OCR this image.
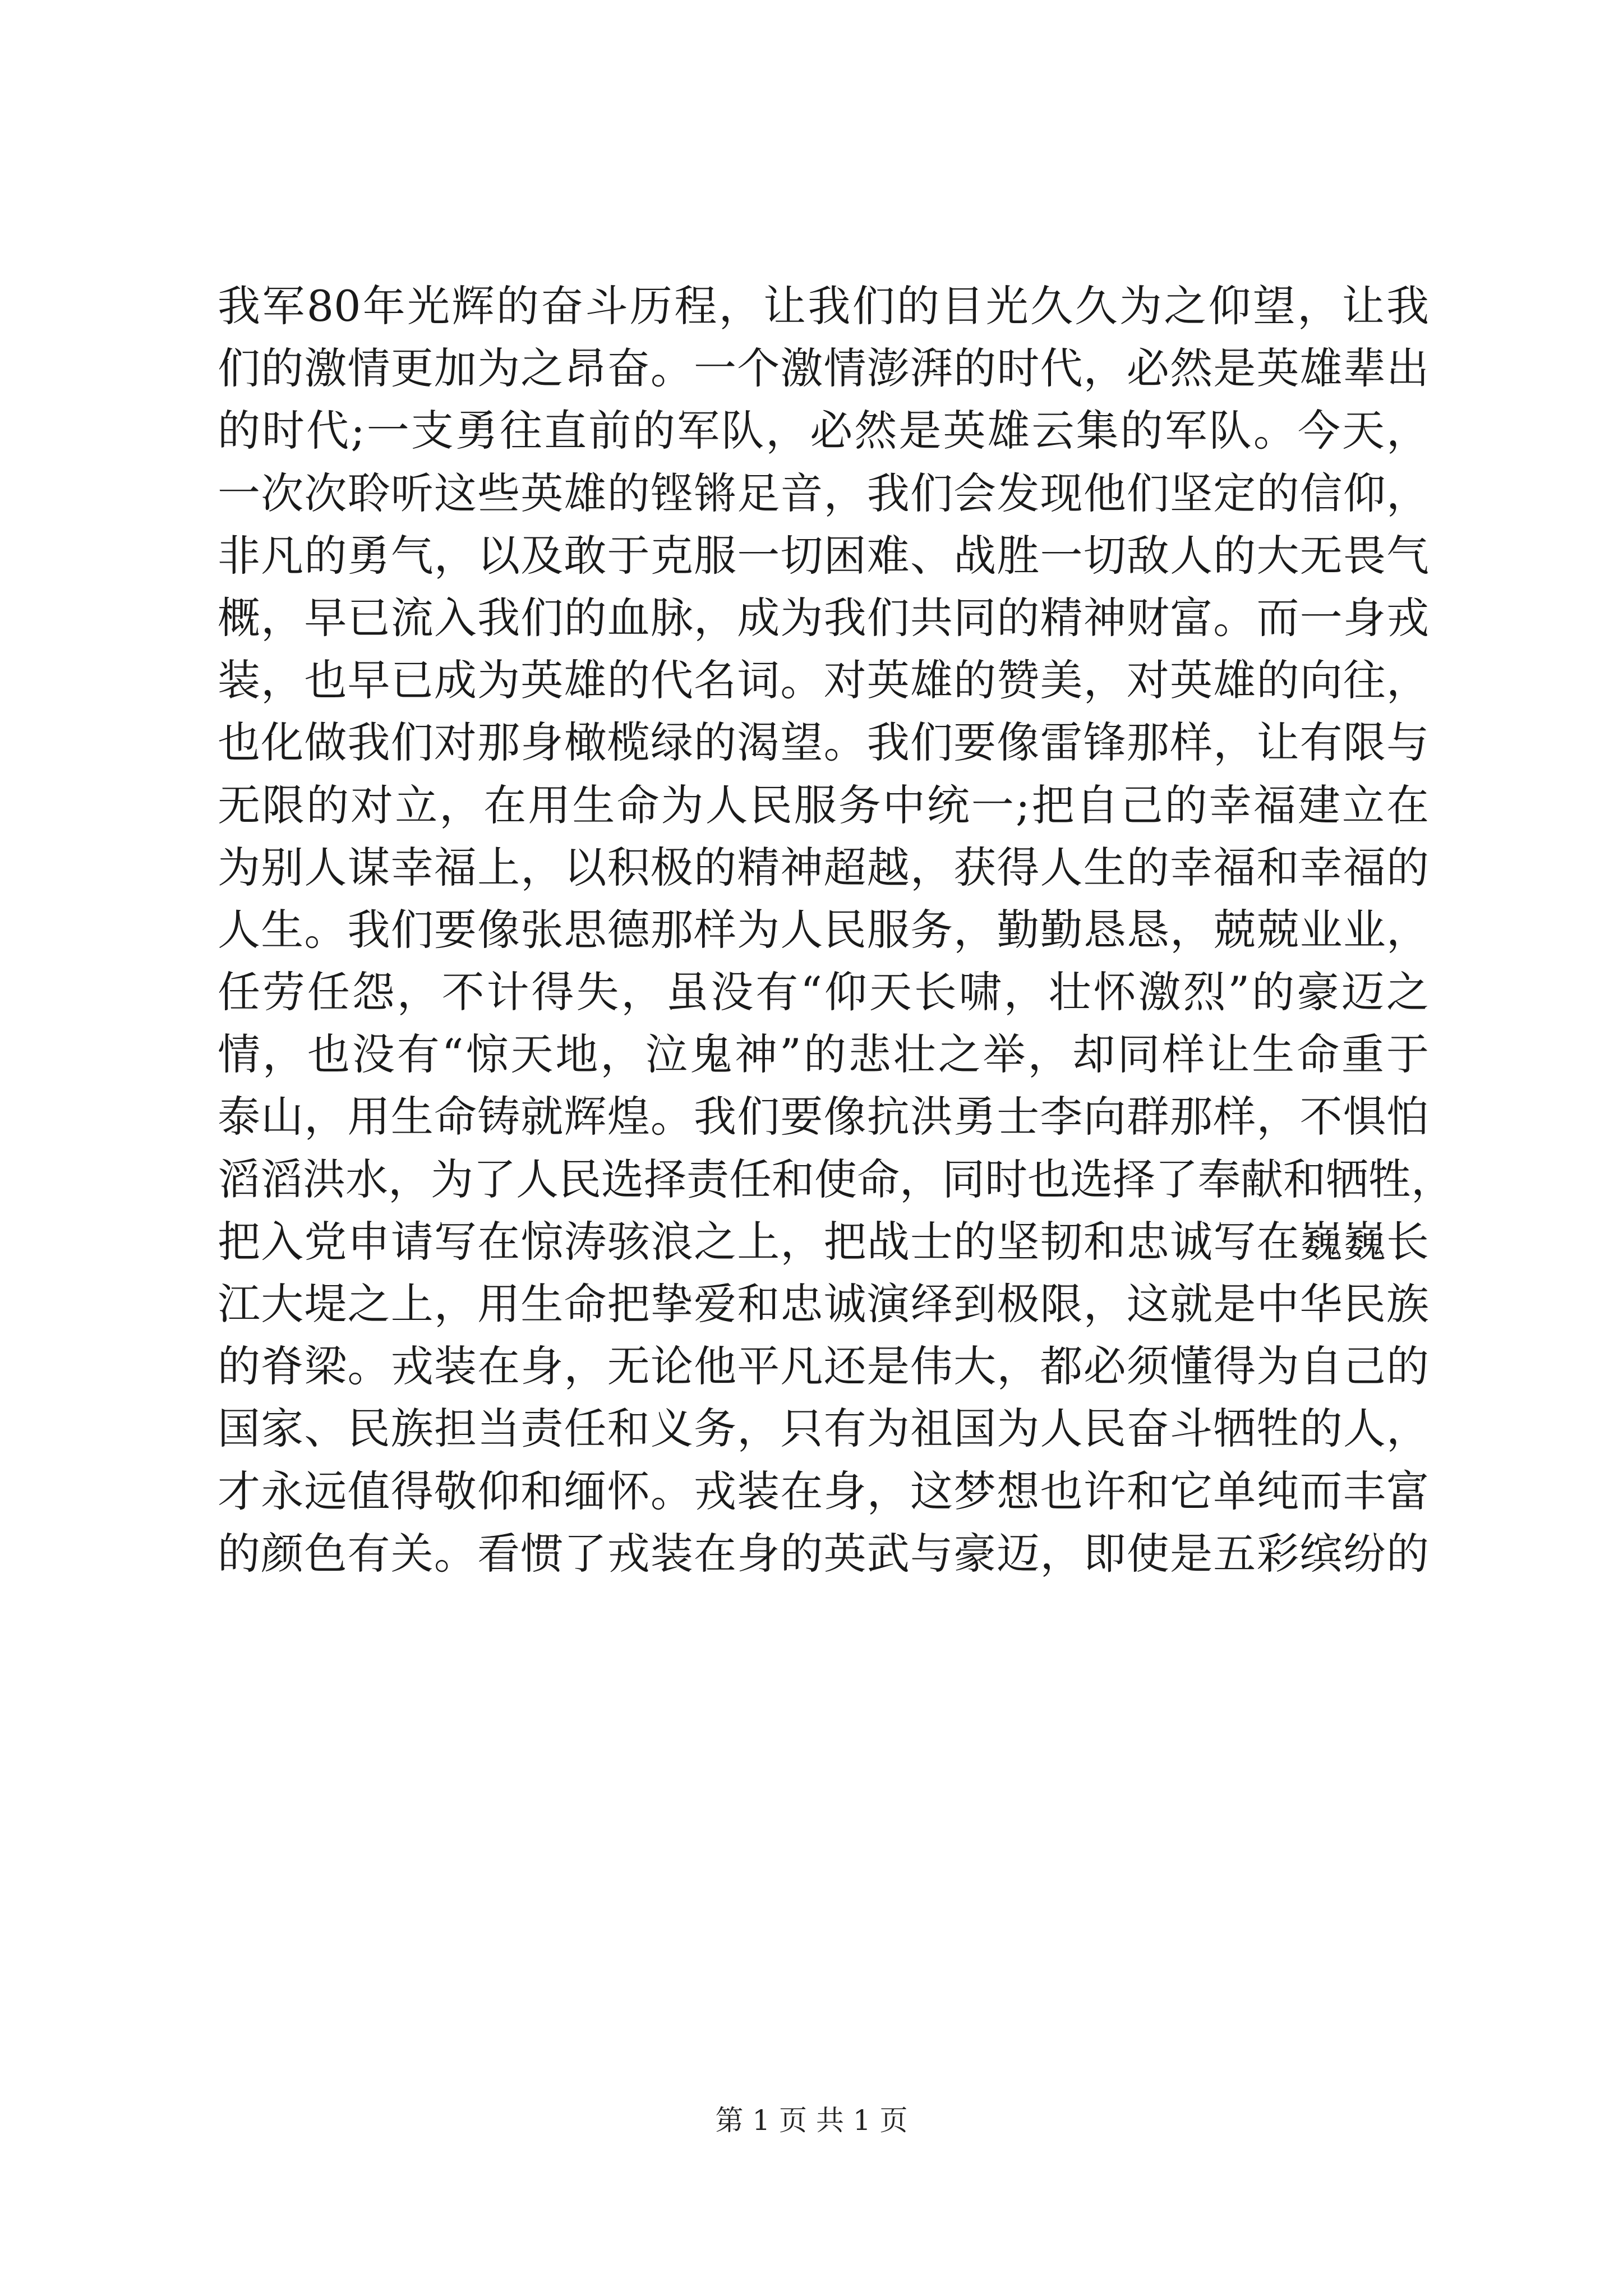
我军80年光辉的奋斗历程，让我们的目光久久为之仰望，让我
们的激情更加为之昂奋。一个激情澎湃的时代，必然是英雄辈出
的时代;一支勇往直前的军队，必然是英雄云集的军队。今天，
一次次聆听这些英雄的铿锵足音，我们会发现他们坚定的信仰，
非凡的勇气，以及敢于克服一切困难、战胜一切敌人的大无畏气
概，早已流入我们的血脉，成为我们共同的精神财富。而一身戎
装，也早已成为英雄的代名词。对英雄的赞美，对英雄的向往，
也化做我们对那身橄榄绿的渴望。我们要像雷锋那样，让有限与
无限的对立，在用生命为人民服务中统一;把自己的幸福建立在
为别人谋幸福上，以积极的精神超越，获得人生的幸福和幸福的
人生。我们要像张思德那样为人民服务，勤勤恳恳，兢兢业业，
任劳任怨，不计得失，虽没有“仰天长啸，壮怀激烈”的豪迈之
情，也没有“惊天地，泣鬼神”的悲壮之举，却同样让生命重于
泰山，用生命铸就辉煌。我们要像抗洪勇士李向群那样，不惧怕
滔滔洪水，为了人民选择责任和使命，同时也选择了奉献和牺牲，
把入党申请写在惊涛骇浪之上，把战士的坚韧和忠诚写在巍巍长
江大堤之上，用生命把挚爱和忠诚演绎到极限，这就是中华民族
的脊梁。戎装在身，无论他平凡还是伟大，都必须懂得为自己的
国家、民族担当责任和义务，只有为祖国为人民奋斗牺牲的人，
才永远值得敬仰和缅怀。戎装在身，这梦想也许和它单纯而丰富
的颜色有关。看惯了戎装在身的英武与豪迈，即使是五彩缤纷的
第 1 页 共 1 页
